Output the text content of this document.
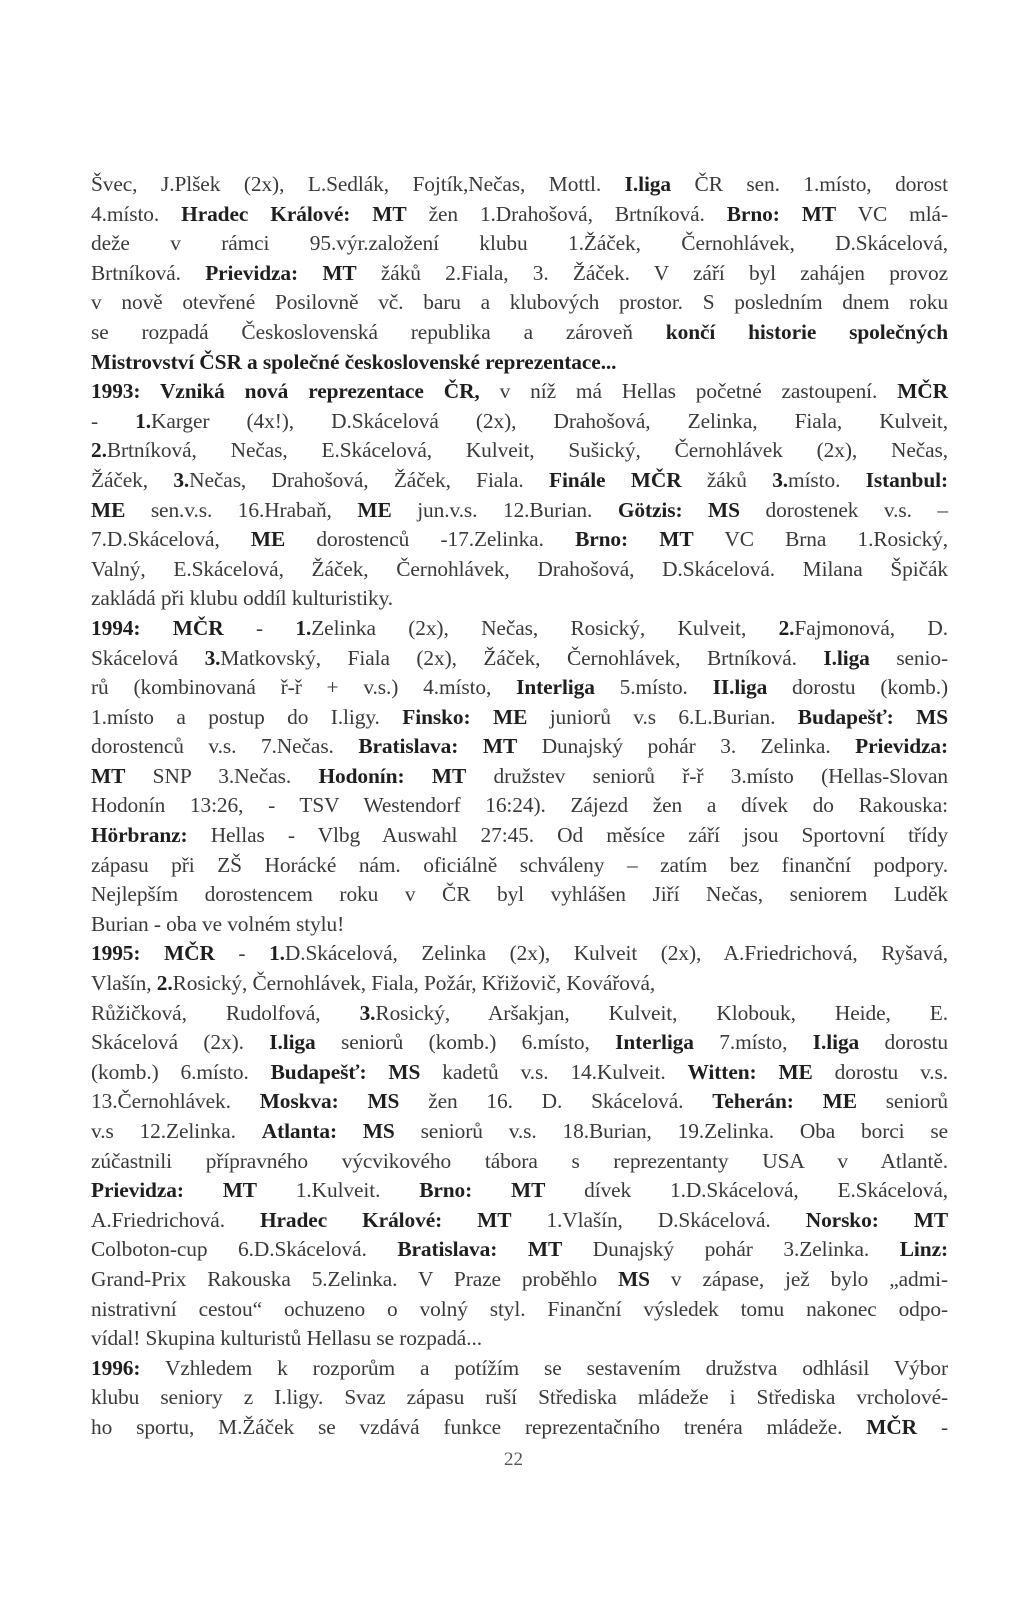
Švec, J.Plšek (2x), L.Sedlák, Fojtík,Nečas, Mottl. I.liga ČR sen. 1.místo, dorost
4.místo. Hradec Králové: MT žen 1.Drahošová, Brtníková. Brno: MT VC mlá-
deže v rámci 95.výr.založení klubu 1.Žáček, Černohlávek, D.Skácelová,
Brtníková. Prievidza: MT žáků 2.Fiala, 3. Žáček. V září byl zahájen provoz
v nově otevřené Posilovně vč. baru a klubových prostor. S posledním dnem roku
se rozpadá Československá republika a zároveň končí historie společných
Mistrovství ČSR a společné československé reprezentace...
1993: Vzniká nová reprezentace ČR, v níž má Hellas početné zastoupení. MČR
- 1.Karger (4x!), D.Skácelová (2x), Drahošová, Zelinka, Fiala, Kulveit,
2.Brtníková, Nečas, E.Skácelová, Kulveit, Sušický, Černohlávek (2x), Nečas,
Žáček, 3.Nečas, Drahošová, Žáček, Fiala. Finále MČR žáků 3.místo. Istanbul:
ME sen.v.s. 16.Hrabaň, ME jun.v.s. 12.Burian. Götzis: MS dorostenek v.s. –
7.D.Skácelová, ME dorostenců -17.Zelinka. Brno: MT VC Brna 1.Rosický,
Valný, E.Skácelová, Žáček, Černohlávek, Drahošová, D.Skácelová. Milana Špičák
zakládá při klubu oddíl kulturistiky.
1994: MČR - 1.Zelinka (2x), Nečas, Rosický, Kulveit, 2.Fajmonová, D.
Skácelová 3.Matkovský, Fiala (2x), Žáček, Černohlávek, Brtníková. I.liga senio-
rů (kombinovaná ř-ř + v.s.) 4.místo, Interliga 5.místo. II.liga dorostu (komb.)
1.místo a postup do I.ligy. Finsko: ME juniorů v.s 6.L.Burian. Budapešť: MS
dorostenců v.s. 7.Nečas. Bratislava: MT Dunajský pohár 3. Zelinka. Prievidza:
MT SNP 3.Nečas. Hodonín: MT družstev seniorů ř-ř 3.místo (Hellas-Slovan
Hodonín 13:26, - TSV Westendorf 16:24). Zájezd žen a dívek do Rakouska:
Hörbranz: Hellas - Vlbg Auswahl 27:45. Od měsíce září jsou Sportovní třídy
zápasu při ZŠ Horácké nám. oficiálně schváleny – zatím bez finanční podpory.
Nejlepším dorostencem roku v ČR byl vyhlášen Jiří Nečas, seniorem Luděk
Burian - oba ve volném stylu!
1995: MČR - 1.D.Skácelová, Zelinka (2x), Kulveit (2x), A.Friedrichová, Ryšavá,
Vlašín, 2.Rosický, Černohlávek, Fiala, Požár, Křižovič, Kovářová,
Růžičková, Rudolfová, 3.Rosický, Aršakjan, Kulveit, Klobouk, Heide, E.
Skácelová (2x). I.liga seniorů (komb.) 6.místo, Interliga 7.místo, I.liga dorostu
(komb.) 6.místo. Budapešť: MS kadetů v.s. 14.Kulveit. Witten: ME dorostu v.s.
13.Černohlávek. Moskva: MS žen 16. D. Skácelová. Teherán: ME seniorů
v.s 12.Zelinka. Atlanta: MS seniorů v.s. 18.Burian, 19.Zelinka. Oba borci se
zúčastnili přípravného výcvikového tábora s reprezentanty USA v Atlantě.
Prievidza: MT 1.Kulveit. Brno: MT dívek 1.D.Skácelová, E.Skácelová,
A.Friedrichová. Hradec Králové: MT 1.Vlašín, D.Skácelová. Norsko: MT
Colboton-cup 6.D.Skácelová. Bratislava: MT Dunajský pohár 3.Zelinka. Linz:
Grand-Prix Rakouska 5.Zelinka. V Praze proběhlo MS v zápase, jež bylo „admi-
nistrativní cestou“ ochuzeno o volný styl. Finanční výsledek tomu nakonec odpo-
vídal! Skupina kulturistů Hellasu se rozpadá...
1996: Vzhledem k rozporům a potížím se sestavením družstva odhlásil Výbor
klubu seniory z I.ligy. Svaz zápasu ruší Střediska mládeže i Střediska vrcholové-
ho sportu, M.Žáček se vzdává funkce reprezentačního trenéra mládeže. MČR -
22
